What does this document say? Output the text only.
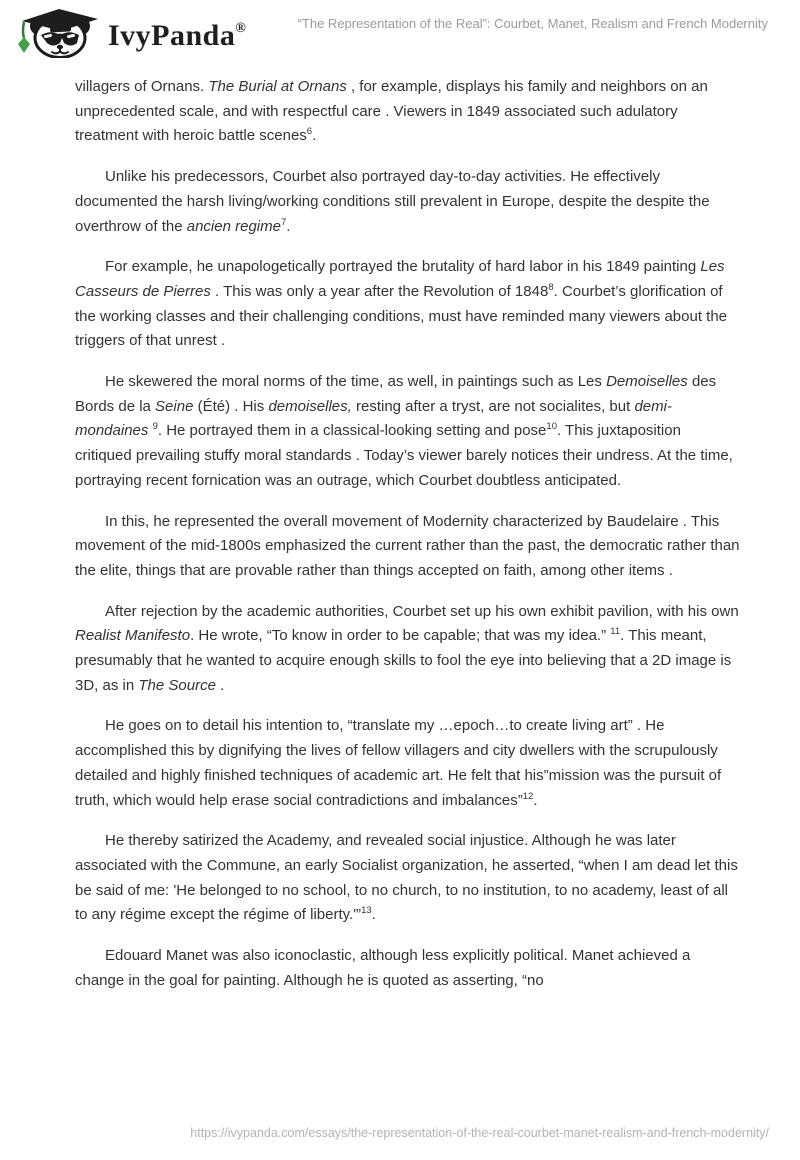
IvyPanda®	“The Representation of the Real”: Courbet, Manet, Realism and French Modernity

villagers of Ornans. The Burial at Ornans , for example, displays his family and neighbors on an unprecedented scale, and with respectful care . Viewers in 1849 associated such adulatory treatment with heroic battle scenes$^6$.

Unlike his predecessors, Courbet also portrayed day-to-day activities. He effectively documented the harsh living/working conditions still prevalent in Europe, despite the despite the overthrow of the ancien regime$^7$.

For example, he unapologetically portrayed the brutality of hard labor in his 1849 painting Les Casseurs de Pierres . This was only a year after the Revolution of 1848$^8$. Courbet’s glorification of the working classes and their challenging conditions, must have reminded many viewers about the triggers of that unrest .

He skewered the moral norms of the time, as well, in paintings such as Les Demoiselles des Bords de la Seine (Été) . His demoiselles, resting after a tryst, are not socialites, but demi-mondaines $^9$. He portrayed them in a classical-looking setting and pose$^{10}$. This juxtaposition critiqued prevailing stuffy moral standards . Today’s viewer barely notices their undress. At the time, portraying recent fornication was an outrage, which Courbet doubtless anticipated.

In this, he represented the overall movement of Modernity characterized by Baudelaire . This movement of the mid-1800s emphasized the current rather than the past, the democratic rather than the elite, things that are provable rather than things accepted on faith, among other items .

After rejection by the academic authorities, Courbet set up his own exhibit pavilion, with his own Realist Manifesto. He wrote, “To know in order to be capable; that was my idea.” $^{11}$. This meant, presumably that he wanted to acquire enough skills to fool the eye into believing that a 2D image is 3D, as in The Source .

He goes on to detail his intention to, “translate my …epoch…to create living art” . He accomplished this by dignifying the lives of fellow villagers and city dwellers with the scrupulously detailed and highly finished techniques of academic art. He felt that his”mission was the pursuit of truth, which would help erase social contradictions and imbalances”$^{12}$.

He thereby satirized the Academy, and revealed social injustice. Although he was later associated with the Commune, an early Socialist organization, he asserted, “when I am dead let this be said of me: 'He belonged to no school, to no church, to no institution, to no academy, least of all to any régime except the régime of liberty.'”$^{13}$.

Edouard Manet was also iconoclastic, although less explicitly political. Manet achieved a change in the goal for painting. Although he is quoted as asserting, “no

https://ivypanda.com/essays/the-representation-of-the-real-courbet-manet-realism-and-french-modernity/
